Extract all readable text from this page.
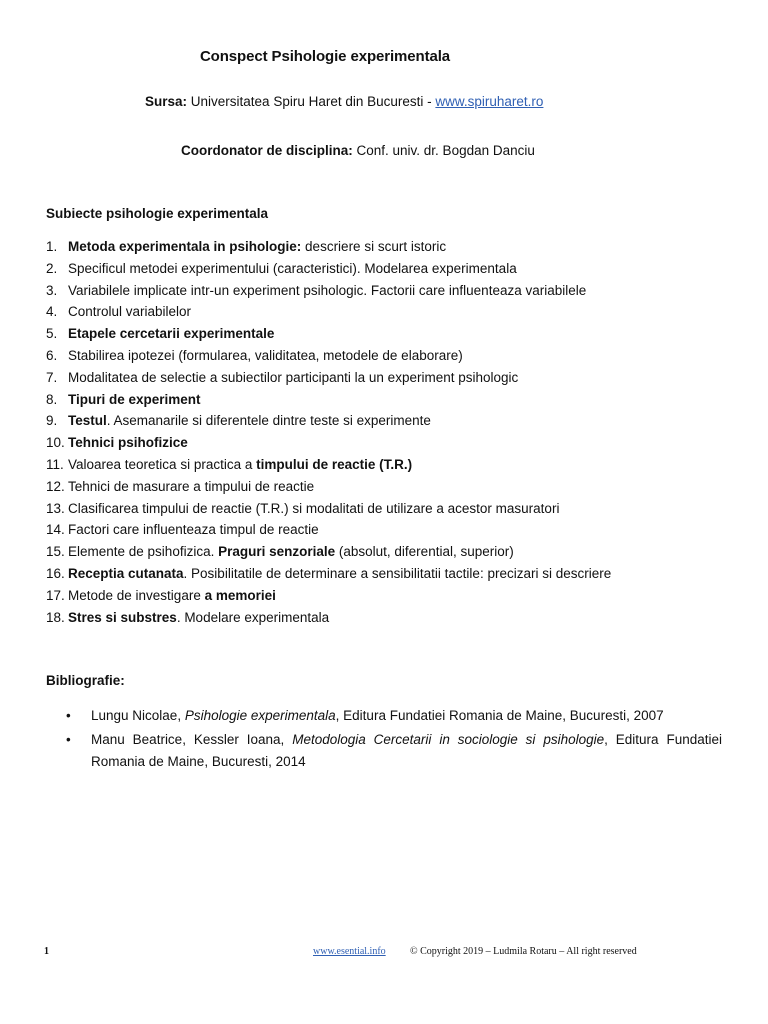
Conspect Psihologie experimentala
Sursa: Universitatea Spiru Haret din Bucuresti - www.spiruharet.ro
Coordonator de disciplina: Conf. univ. dr. Bogdan Danciu
Subiecte psihologie experimentala
1. Metoda experimentala in psihologie: descriere si scurt istoric
2. Specificul metodei experimentului (caracteristici). Modelarea experimentala
3. Variabilele implicate intr-un experiment psihologic. Factorii care influenteaza variabilele
4. Controlul variabilelor
5. Etapele cercetarii experimentale
6. Stabilirea ipotezei (formularea, validitatea, metodele de elaborare)
7. Modalitatea de selectie a subiectilor participanti la un experiment psihologic
8. Tipuri de experiment
9. Testul. Asemanarile si diferentele dintre teste si experimente
10. Tehnici psihofizice
11. Valoarea teoretica si practica a timpului de reactie (T.R.)
12. Tehnici de masurare a timpului de reactie
13. Clasificarea timpului de reactie (T.R.) si modalitati de utilizare a acestor masuratori
14. Factori care influenteaza timpul de reactie
15. Elemente de psihofizica. Praguri senzoriale (absolut, diferential, superior)
16. Receptia cutanata. Posibilitatile de determinare a sensibilitatii tactile: precizari si descriere
17. Metode de investigare a memoriei
18. Stres si substres. Modelare experimentala
Bibliografie:
• Lungu Nicolae, Psihologie experimentala, Editura Fundatiei Romania de Maine, Bucuresti, 2007
• Manu Beatrice, Kessler Ioana, Metodologia Cercetarii in sociologie si psihologie, Editura Fundatiei
Romania de Maine, Bucuresti, 2014
1	www.esential.info © Copyright 2019 – Ludmila Rotaru – All right reserved
